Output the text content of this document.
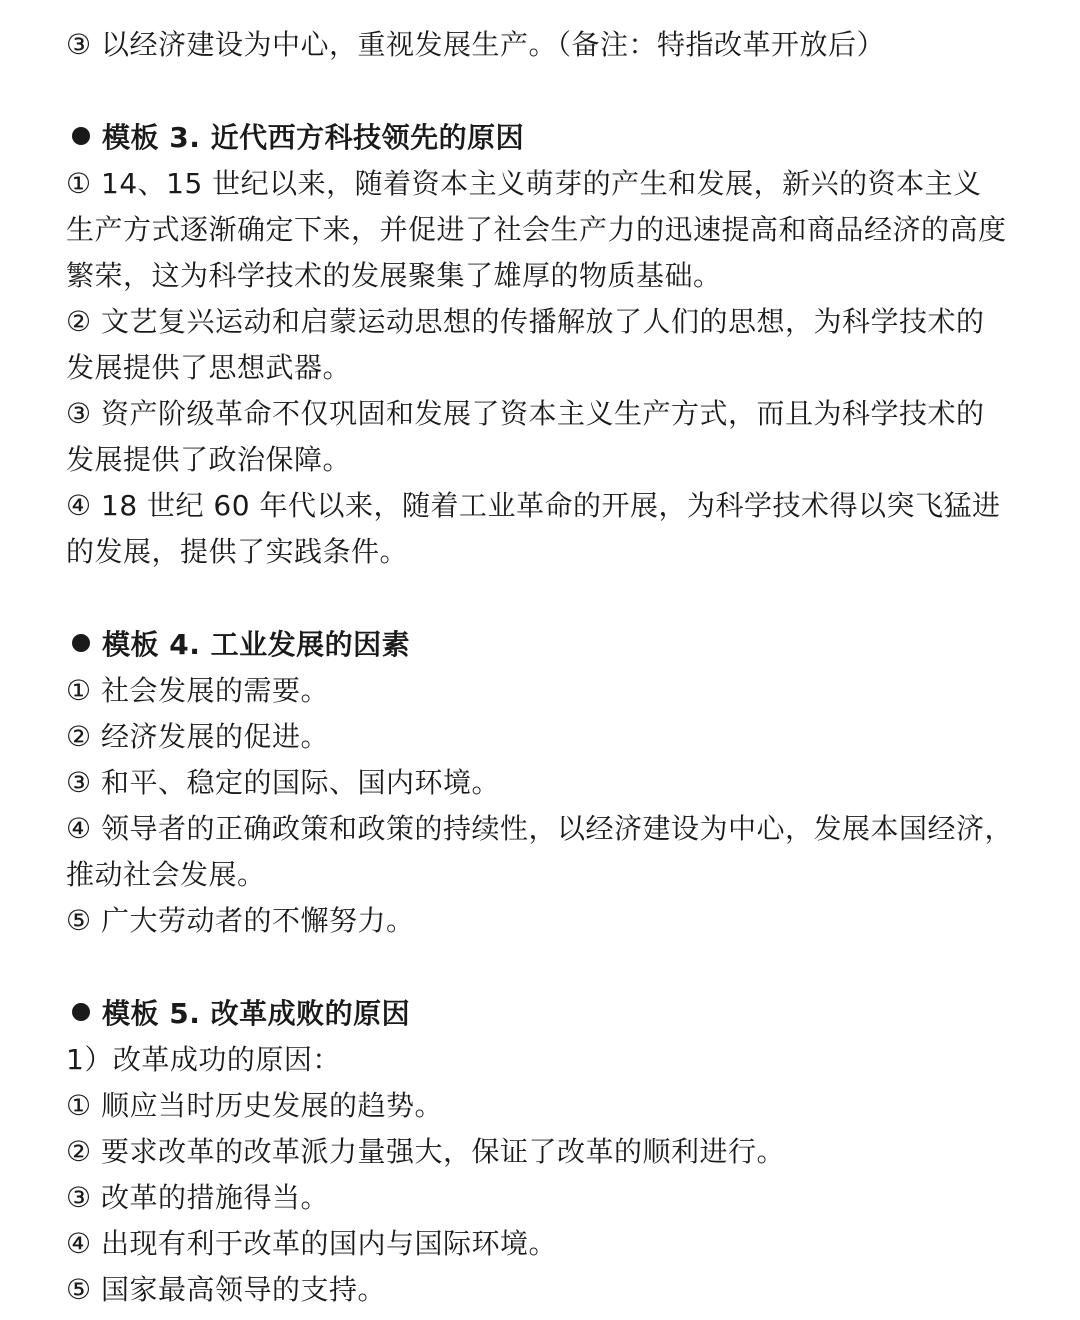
③ 以经济建设为中心，重视发展生产。（备注：特指改革开放后）
模板 3. 近代西方科技领先的原因
① 14、15 世纪以来，随着资本主义萌芽的产生和发展，新兴的资本主义
生产方式逐渐确定下来，并促进了社会生产力的迅速提高和商品经济的高度
繁荣，这为科学技术的发展聚集了雄厚的物质基础。
② 文艺复兴运动和启蒙运动思想的传播解放了人们的思想，为科学技术的
发展提供了思想武器。
③ 资产阶级革命不仅巩固和发展了资本主义生产方式，而且为科学技术的
发展提供了政治保障。
④ 18 世纪 60 年代以来，随着工业革命的开展，为科学技术得以突飞猛进
的发展，提供了实践条件。
模板 4. 工业发展的因素
① 社会发展的需要。
② 经济发展的促进。
③ 和平、稳定的国际、国内环境。
④ 领导者的正确政策和政策的持续性，以经济建设为中心，发展本国经济，
推动社会发展。
⑤ 广大劳动者的不懈努力。
模板 5. 改革成败的原因
1）改革成功的原因：
① 顺应当时历史发展的趋势。
② 要求改革的改革派力量强大，保证了改革的顺利进行。
③ 改革的措施得当。
④ 出现有利于改革的国内与国际环境。
⑤ 国家最高领导的支持。
